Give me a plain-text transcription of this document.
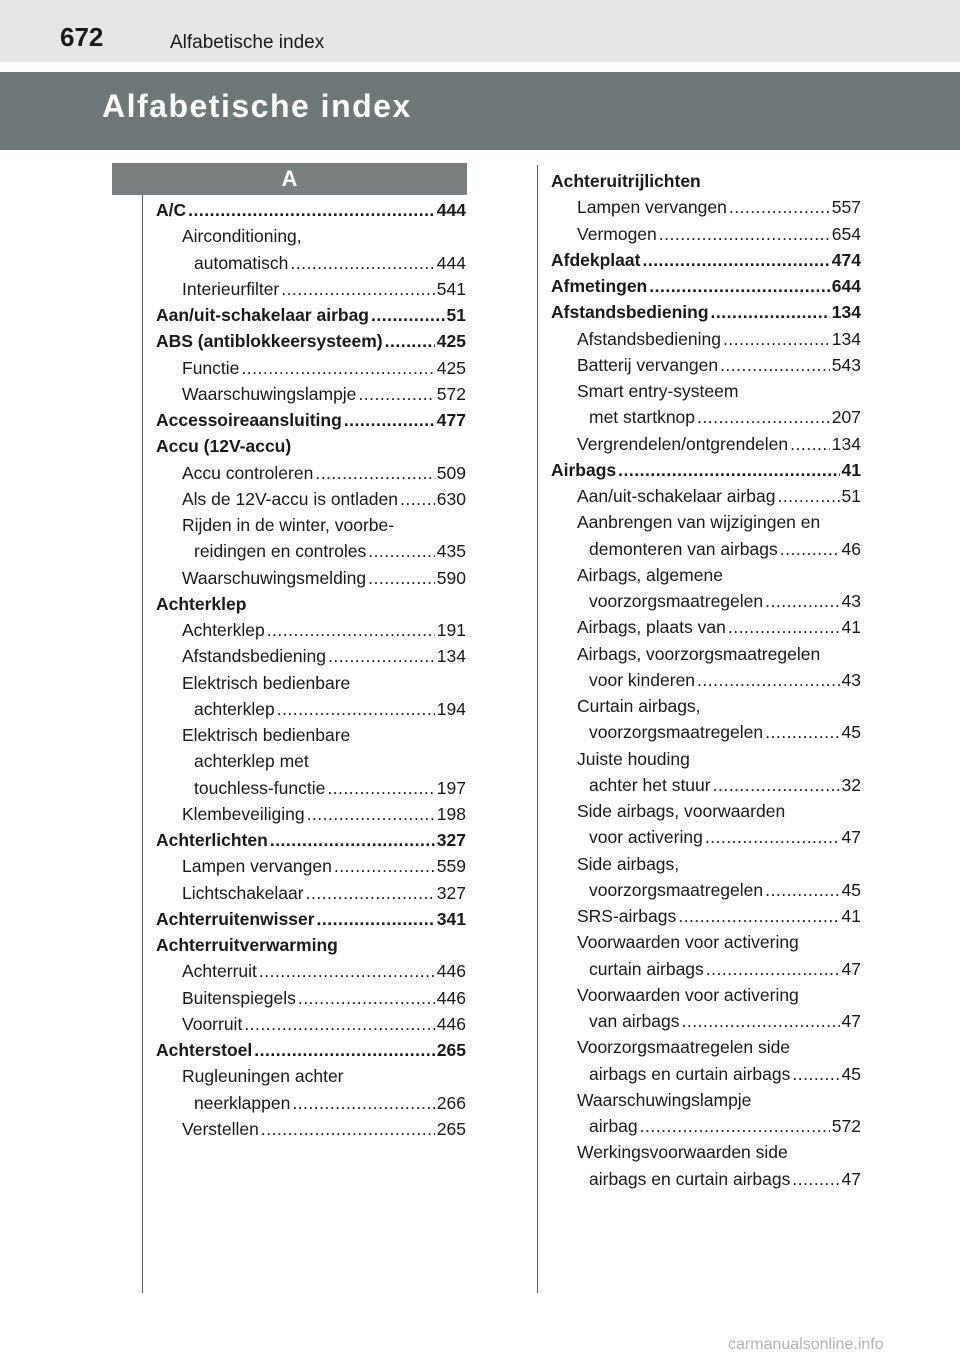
672	Alfabetische index
Alfabetische index
A
A/C .....	444
Airconditioning,
automatisch .....	444
Interieurfilter .....	541
Aan/uit-schakelaar airbag .....	51
ABS (antiblokkeersysteem) .....	425
Functie .....	425
Waarschuwingslampje .....	572
Accessoireaansluiting .....	477
Accu (12V-accu)
Accu controleren .....	509
Als de 12V-accu is ontladen ..... 630
Rijden in de winter, voorbe-
reidingen en controles .....	435
Waarschuwingsmelding .....	590
Achterklep
Achterklep .....	191
Afstandsbediening .....	134
Elektrisch bedienbare
achterklep .....	194
Elektrisch bedienbare
achterklep met
touchless-functie .....	197
Klembeveiliging .....	198
Achterlichten .....	327
Lampen vervangen .....	559
Lichtschakelaar .....	327
Achterruitenwisser .....	341
Achterruitverwarming
Achterruit .....	446
Buitenspiegels .....	446
Voorruit .....	446
Achterstoel .....	265
Rugleuningen achter
neerklappen .....	266
Verstellen .....	265
Achteruitrijlichten
Lampen vervangen .....	557
Vermogen .....	654
Afdekplaat .....	474
Afmetingen .....	644
Afstandsbediening .....	134
Afstandsbediening .....	134
Batterij vervangen .....	543
Smart entry-systeem
met startknop .....	207
Vergrendelen/ontgrendelen ..... 134
Airbags .....	41
Aan/uit-schakelaar airbag .....	51
Aanbrengen van wijzigingen en
demonteren van airbags .....	46
Airbags, algemene
voorzorgsmaatregelen .....	43
Airbags, plaats van .....	41
Airbags, voorzorgsmaatregelen
voor kinderen .....	43
Curtain airbags,
voorzorgsmaatregelen .....	45
Juiste houding
achter het stuur .....	32
Side airbags, voorwaarden
voor activering .....	47
Side airbags,
voorzorgsmaatregelen .....	45
SRS-airbags .....	41
Voorwaarden voor activering
curtain airbags .....	47
Voorwaarden voor activering
van airbags .....	47
Voorzorgsmaatregelen side
airbags en curtain airbags .....	45
Waarschuwingslampje
airbag .....	572
Werkingsvoorwaarden side
airbags en curtain airbags .....	47
carmanualsonline.info
